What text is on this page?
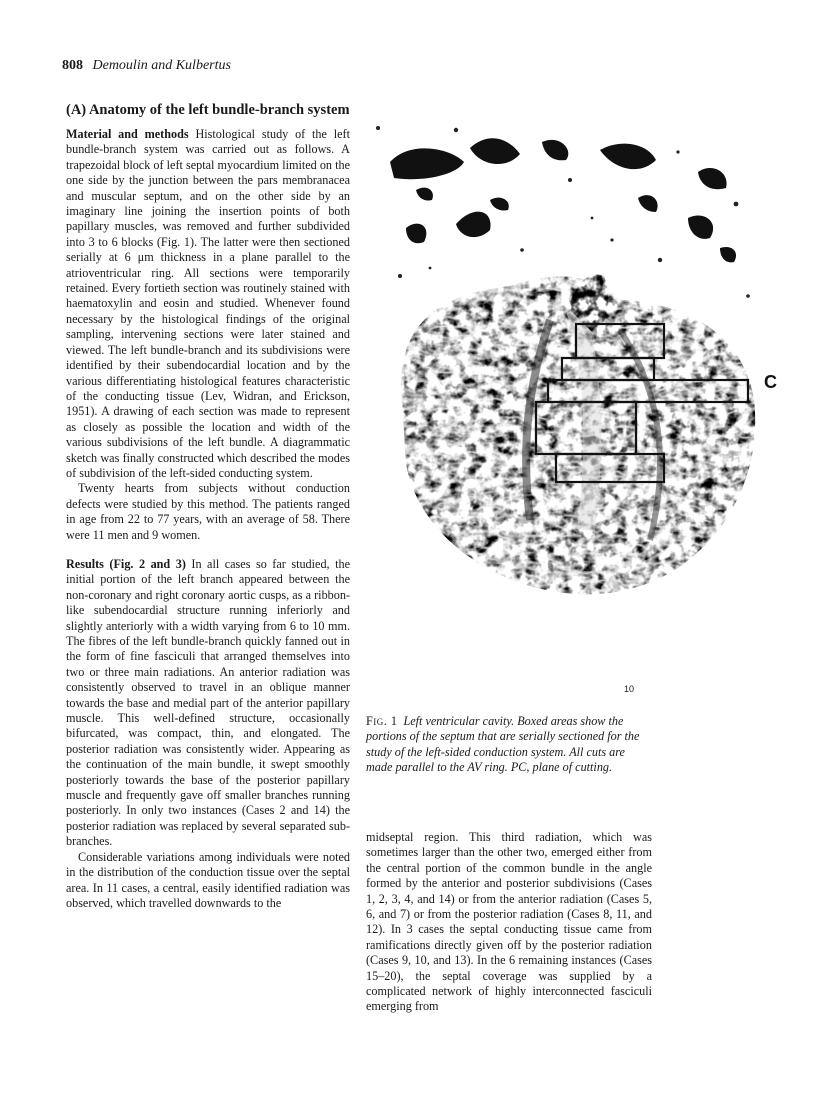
808 Demoulin and Kulbertus
(A) Anatomy of the left bundle-branch system

Material and methods Histological study of the left bundle-branch system was carried out as follows. A trapezoidal block of left septal myocardium limited on the one side by the junction between the pars membranacea and muscular septum, and on the other side by an imaginary line joining the insertion points of both papillary muscles, was removed and further subdivided into 3 to 6 blocks (Fig. 1). The latter were then sectioned serially at 6 μm thickness in a plane parallel to the atrioventricular ring. All sections were temporarily retained. Every fortieth section was routinely stained with haematoxylin and eosin and studied. Whenever found necessary by the histological findings of the original sampling, intervening sections were later stained and viewed. The left bundle-branch and its subdivisions were identified by their subendocardial location and by the various differentiating histological features characteristic of the conducting tissue (Lev, Widran, and Erickson, 1951). A drawing of each section was made to represent as closely as possible the location and width of the various subdivisions of the left bundle. A diagrammatic sketch was finally constructed which described the modes of subdivision of the left-sided conducting system.

Twenty hearts from subjects without conduction defects were studied by this method. The patients ranged in age from 22 to 77 years, with an average of 58. There were 11 men and 9 women.

Results (Fig. 2 and 3) In all cases so far studied, the initial portion of the left branch appeared between the non-coronary and right coronary aortic cusps, as a ribbon-like subendocardial structure running inferiorly and slightly anteriorly with a width varying from 6 to 10 mm. The fibres of the left bundle-branch quickly fanned out in the form of fine fasciculi that arranged themselves into two or three main radiations. An anterior radiation was consistently observed to travel in an oblique manner towards the base and medial part of the anterior papillary muscle. This well-defined structure, occasionally bifurcated, was compact, thin, and elongated. The posterior radiation was consistently wider. Appearing as the continuation of the main bundle, it swept smoothly posteriorly towards the base of the posterior papillary muscle and frequently gave off smaller branches running posteriorly. In only two instances (Cases 2 and 14) the posterior radiation was replaced by several separated sub-branches.

Considerable variations among individuals were noted in the distribution of the conduction tissue over the septal area. In 11 cases, a central, easily identified radiation was observed, which travelled downwards to the

C
10
Fig. 1 Left ventricular cavity. Boxed areas show the portions of the septum that are serially sectioned for the study of the left-sided conduction system. All cuts are made parallel to the AV ring. PC, plane of cutting.

midseptal region. This third radiation, which was sometimes larger than the other two, emerged either from the central portion of the common bundle in the angle formed by the anterior and posterior subdivisions (Cases 1, 2, 3, 4, and 14) or from the anterior radiation (Cases 5, 6, and 7) or from the posterior radiation (Cases 8, 11, and 12). In 3 cases the septal conducting tissue came from ramifications directly given off by the posterior radiation (Cases 9, 10, and 13). In the 6 remaining instances (Cases 15–20), the septal coverage was supplied by a complicated network of highly interconnected fasciculi emerging from
